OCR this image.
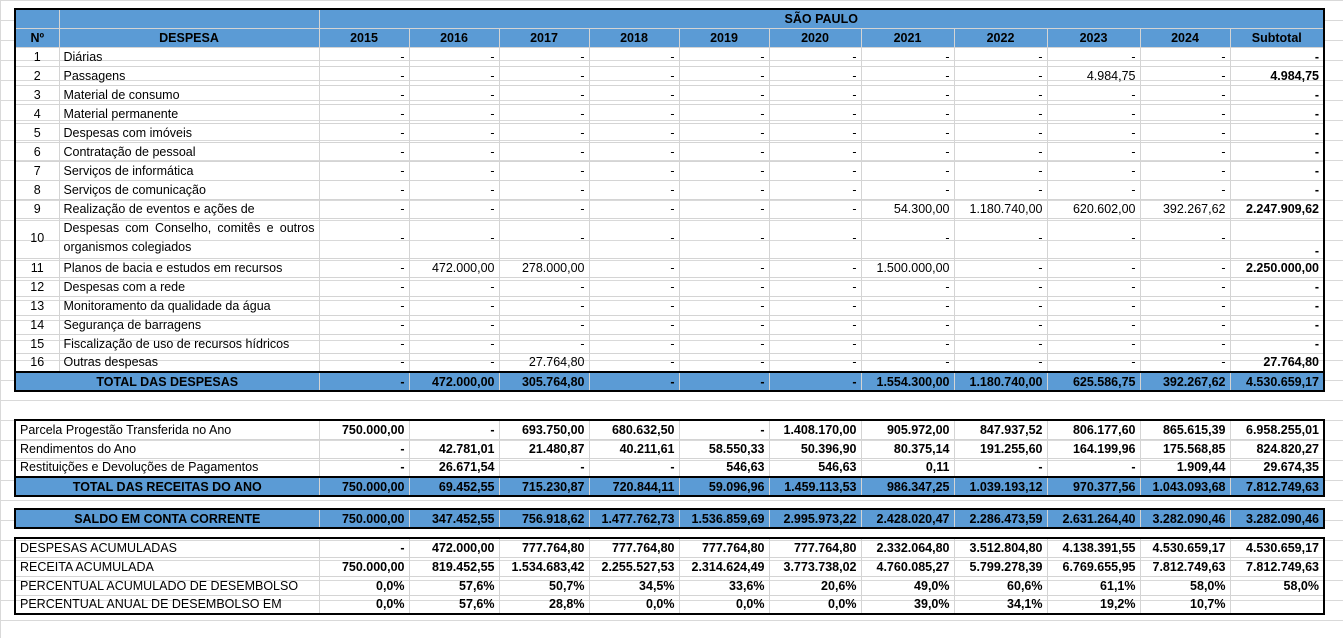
		SÃO PAULO										
Nº	DESPESA	2015	2016	2017	2018	2019	2020	2021	2022	2023	2024	Subtotal
1	Diárias	-	-	-	-	-	-	-	-	-	-	-
2	Passagens	-	-	-	-	-	-	-	-	4.984,75	-	4.984,75
3	Material de consumo	-	-	-	-	-	-	-	-	-	-	-
4	Material permanente	-	-	-	-	-	-	-	-	-	-	-
5	Despesas com imóveis	-	-	-	-	-	-	-	-	-	-	-
6	Contratação de pessoal	-	-	-	-	-	-	-	-	-	-	-
7	Serviços de informática	-	-	-	-	-	-	-	-	-	-	-
8	Serviços de comunicação	-	-	-	-	-	-	-	-	-	-	-
9	Realização de eventos e ações de	-	-	-	-	-	-	54.300,00	1.180.740,00	620.602,00	392.267,62	2.247.909,62
10	Despesas com Conselho, comitês e outros organismos colegiados	-	-	-	-	-	-	-	-	-	-	-
11	Planos de bacia e estudos em recursos	-	472.000,00	278.000,00	-	-	-	1.500.000,00	-	-	-	2.250.000,00
12	Despesas com a rede	-	-	-	-	-	-	-	-	-	-	-
13	Monitoramento da qualidade da água	-	-	-	-	-	-	-	-	-	-	-
14	Segurança de barragens	-	-	-	-	-	-	-	-	-	-	-
15	Fiscalização de uso de recursos hídricos	-	-	-	-	-	-	-	-	-	-	-
16	Outras despesas	-	-	27.764,80	-	-	-	-	-	-	-	27.764,80
TOTAL DAS DESPESAS		-	472.000,00	305.764,80	-	-	-	1.554.300,00	1.180.740,00	625.586,75	392.267,62	4.530.659,17
Parcela Progestão Transferida no Ano	750.000,00	-	693.750,00	680.632,50	-	1.408.170,00	905.972,00	847.937,52	806.177,60	865.615,39	6.958.255,01
Rendimentos do Ano	-	42.781,01	21.480,87	40.211,61	58.550,33	50.396,90	80.375,14	191.255,60	164.199,96	175.568,85	824.820,27
Restituições e Devoluções de Pagamentos	-	26.671,54	-	-	546,63	546,63	0,11	-	-	1.909,44	29.674,35
TOTAL DAS RECEITAS DO ANO	750.000,00	69.452,55	715.230,87	720.844,11	59.096,96	1.459.113,53	986.347,25	1.039.193,12	970.377,56	1.043.093,68	7.812.749,63
SALDO EM CONTA CORRENTE	750.000,00	347.452,55	756.918,62	1.477.762,73	1.536.859,69	2.995.973,22	2.428.020,47	2.286.473,59	2.631.264,40	3.282.090,46	3.282.090,46
DESPESAS ACUMULADAS	-	472.000,00	777.764,80	777.764,80	777.764,80	777.764,80	2.332.064,80	3.512.804,80	4.138.391,55	4.530.659,17	4.530.659,17
RECEITA ACUMULADA	750.000,00	819.452,55	1.534.683,42	2.255.527,53	2.314.624,49	3.773.738,02	4.760.085,27	5.799.278,39	6.769.655,95	7.812.749,63	7.812.749,63
PERCENTUAL ACUMULADO DE DESEMBOLSO	0,0%	57,6%	50,7%	34,5%	33,6%	20,6%	49,0%	60,6%	61,1%	58,0%	58,0%
PERCENTUAL ANUAL DE DESEMBOLSO EM	0,0%	57,6%	28,8%	0,0%	0,0%	0,0%	39,0%	34,1%	19,2%	10,7%	
